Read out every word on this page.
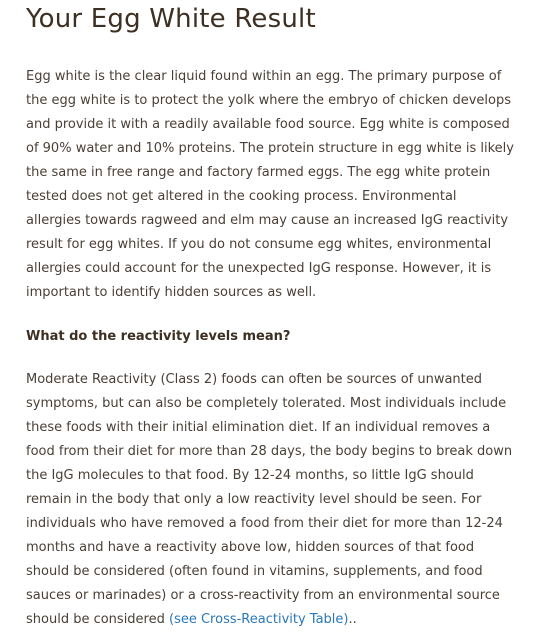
Your Egg White Result

Egg white is the clear liquid found within an egg. The primary purpose of the egg white is to protect the yolk where the embryo of chicken develops and provide it with a readily available food source. Egg white is composed of 90% water and 10% proteins. The protein structure in egg white is likely the same in free range and factory farmed eggs. The egg white protein tested does not get altered in the cooking process. Environmental allergies towards ragweed and elm may cause an increased IgG reactivity result for egg whites. If you do not consume egg whites, environmental allergies could account for the unexpected IgG response. However, it is important to identify hidden sources as well.

What do the reactivity levels mean?

Moderate Reactivity (Class 2) foods can often be sources of unwanted symptoms, but can also be completely tolerated. Most individuals include these foods with their initial elimination diet. If an individual removes a food from their diet for more than 28 days, the body begins to break down the IgG molecules to that food. By 12-24 months, so little IgG should remain in the body that only a low reactivity level should be seen. For individuals who have removed a food from their diet for more than 12-24 months and have a reactivity above low, hidden sources of that food should be considered (often found in vitamins, supplements, and food sauces or marinades) or a cross-reactivity from an environmental source should be considered (see Cross-Reactivity Table)..
